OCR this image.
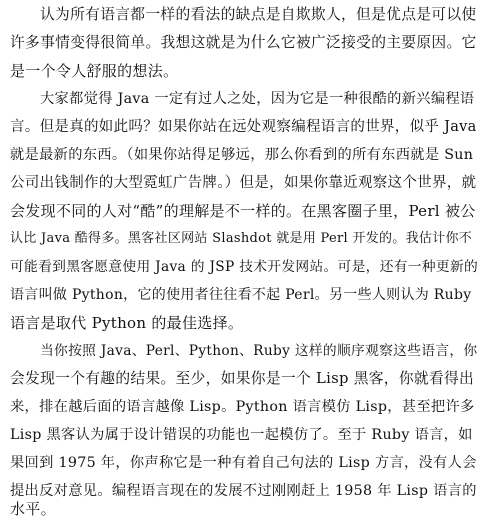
认为所有语言都一样的看法的缺点是自欺欺人，但是优点是可以使
许多事情变得很简单。我想这就是为什么它被广泛接受的主要原因。它
是一个令人舒服的想法。
大家都觉得 Java 一定有过人之处，因为它是一种很酷的新兴编程语
言。但是真的如此吗？如果你站在远处观察编程语言的世界，似乎 Java
就是最新的东西。（如果你站得足够远，那么你看到的所有东西就是 Sun
公司出钱制作的大型霓虹广告牌。）但是，如果你靠近观察这个世界，就
会发现不同的人对“酷”的理解是不一样的。在黑客圈子里，Perl 被公
认比 Java 酷得多。黑客社区网站 Slashdot 就是用 Perl 开发的。我估计你不
可能看到黑客愿意使用 Java 的 JSP 技术开发网站。可是，还有一种更新的
语言叫做 Python，它的使用者往往看不起 Perl。另一些人则认为 Ruby
语言是取代 Python 的最佳选择。
当你按照 Java、Perl、Python、Ruby 这样的顺序观察这些语言，你
会发现一个有趣的结果。至少，如果你是一个 Lisp 黑客，你就看得出
来，排在越后面的语言越像 Lisp。Python 语言模仿 Lisp，甚至把许多
Lisp 黑客认为属于设计错误的功能也一起模仿了。至于 Ruby 语言，如
果回到 1975 年，你声称它是一种有着自己句法的 Lisp 方言，没有人会
提出反对意见。编程语言现在的发展不过刚刚赶上 1958 年 Lisp 语言的
水平。
